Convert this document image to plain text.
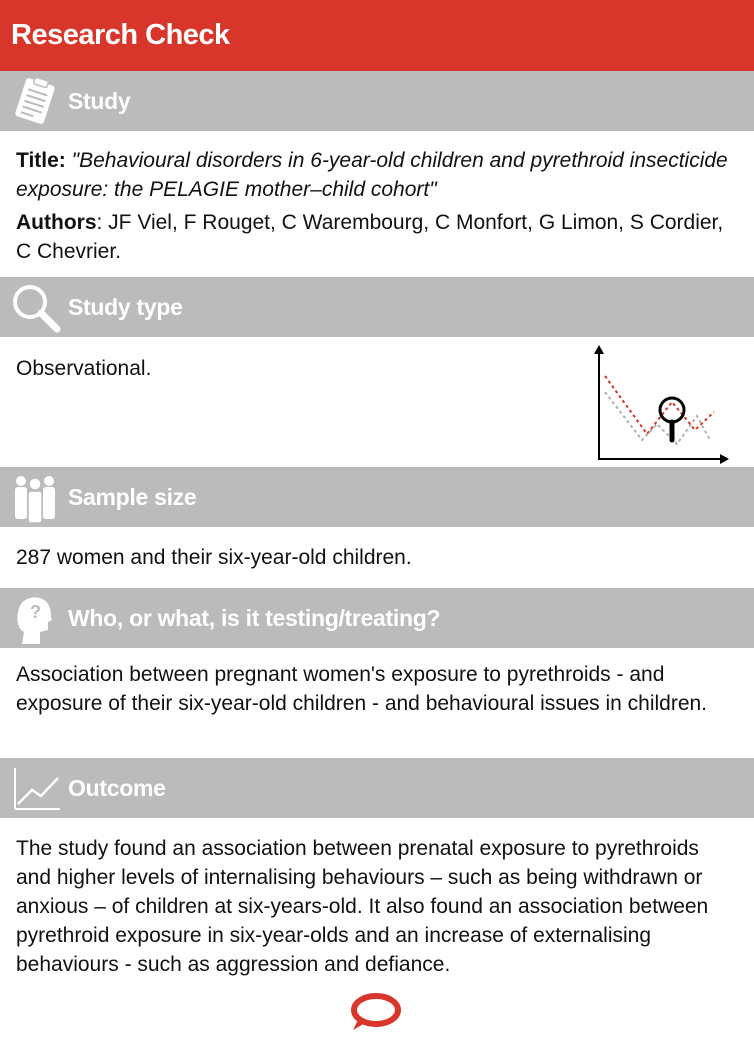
Research Check
Study

Title: "Behavioural disorders in 6-year-old children and pyrethroid insecticide exposure: the PELAGIE mother–child cohort"

Authors: JF Viel, F Rouget, C Warembourg, C Monfort, G Limon, S Cordier, C Chevrier.

Study type
Observational.
Sample size
287 women and their six-year-old children.
? Who, or what, is it testing/treating?
Association between pregnant women's exposure to pyrethroids - and exposure of their six-year-old children - and behavioural issues in children.
Outcome
The study found an association between prenatal exposure to pyrethroids and higher levels of internalising behaviours – such as being withdrawn or anxious – of children at six-years-old. It also found an association between pyrethroid exposure in six-year-olds and an increase of externalising behaviours - such as aggression and defiance.
